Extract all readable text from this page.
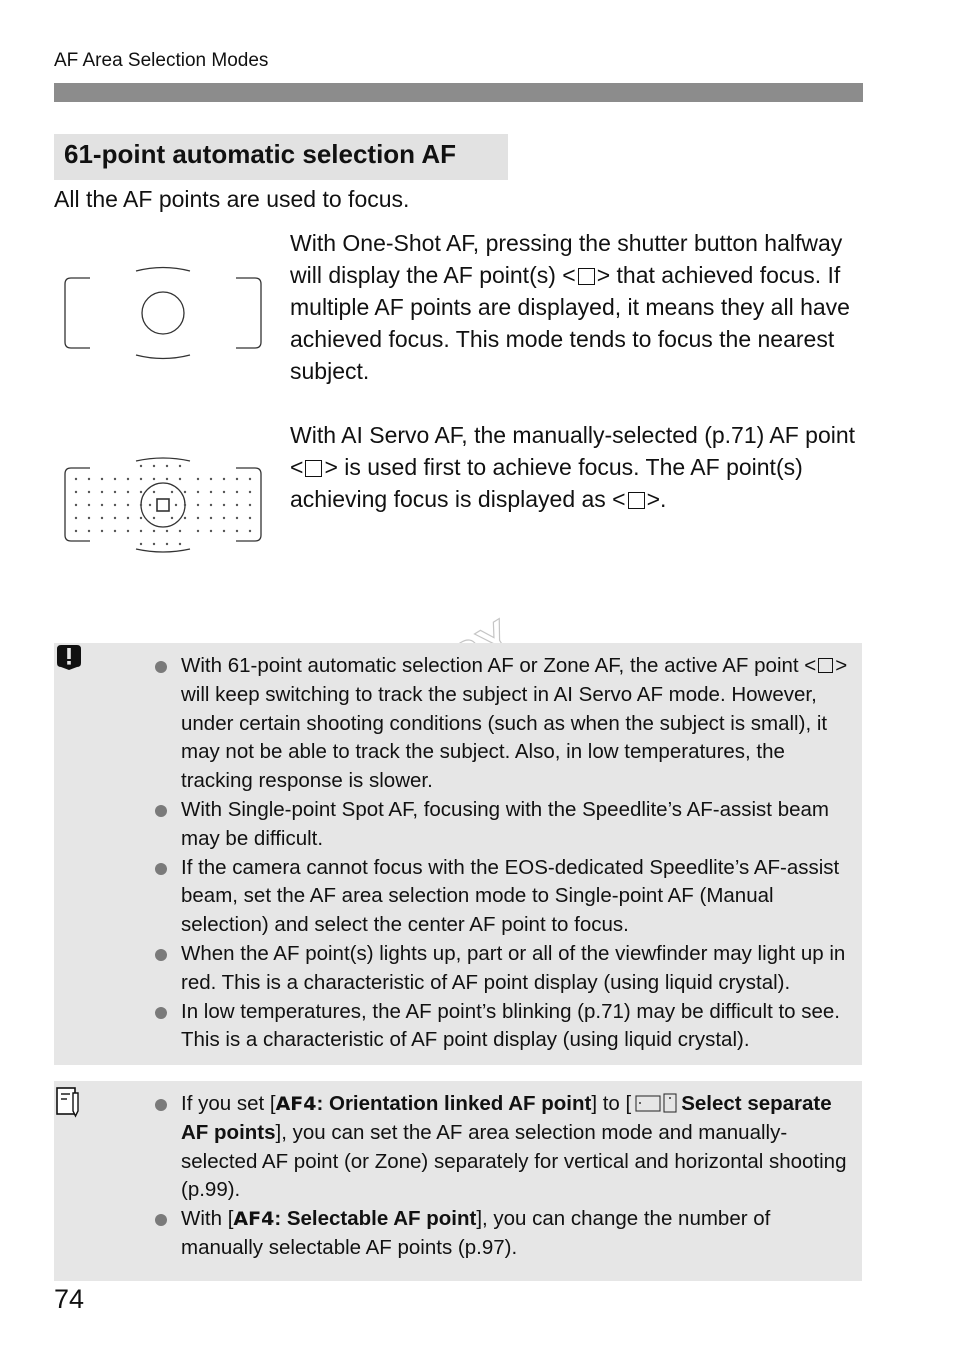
AF Area Selection Modes
61-point automatic selection AF
All the AF points are used to focus.
With One-Shot AF, pressing the shutter button halfway will display the AF point(s) < > that achieved focus. If multiple AF points are displayed, it means they all have achieved focus. This mode tends to focus the nearest subject.
With AI Servo AF, the manually-selected (p.71) AF point < > is used first to achieve focus. The AF point(s) achieving focus is displayed as < >.
With 61-point automatic selection AF or Zone AF, the active AF point < > will keep switching to track the subject in AI Servo AF mode. However, under certain shooting conditions (such as when the subject is small), it may not be able to track the subject. Also, in low temperatures, the tracking response is slower.
With Single-point Spot AF, focusing with the Speedlite’s AF-assist beam may be difficult.
If the camera cannot focus with the EOS-dedicated Speedlite’s AF-assist beam, set the AF area selection mode to Single-point AF (Manual selection) and select the center AF point to focus.
When the AF point(s) lights up, part or all of the viewfinder may light up in red. This is a characteristic of AF point display (using liquid crystal).
In low temperatures, the AF point’s blinking (p.71) may be difficult to see. This is a characteristic of AF point display (using liquid crystal).
If you set [AF4: Orientation linked AF point] to [ Select separate AF points], you can set the AF area selection mode and manually-selected AF point (or Zone) separately for vertical and horizontal shooting (p.99).
With [AF4: Selectable AF point], you can change the number of manually selectable AF points (p.97).
74
